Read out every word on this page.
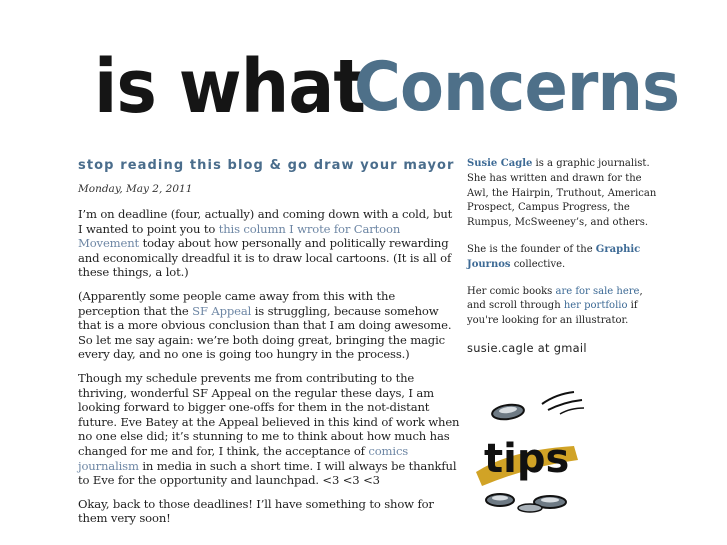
is what
Concerns
stop reading this blog & go draw your mayor
Monday, May 2, 2011

I’m on deadline (four, actually) and coming down with a cold, but I wanted to point you to this column I wrote for Cartoon Movement today about how personally and politically rewarding and economically dreadful it is to draw local cartoons. (It is all of these things, a lot.)

(Apparently some people came away from this with the perception that the SF Appeal is struggling, because somehow that is a more obvious conclusion than that I am doing awesome. So let me say again: we’re both doing great, bringing the magic every day, and no one is going too hungry in the process.)

Though my schedule prevents me from contributing to the thriving, wonderful SF Appeal on the regular these days, I am looking forward to bigger one-offs for them in the not-distant future. Eve Batey at the Appeal believed in this kind of work when no one else did; it’s stunning to me to think about how much has changed for me and for, I think, the acceptance of comics journalism in media in such a short time. I will always be thankful to Eve for the opportunity and launchpad. <3 <3 <3

Okay, back to those deadlines! I’ll have something to show for them very soon!

Susie Cagle is a graphic journalist. She has written and drawn for the Awl, the Hairpin, Truthout, American Prospect, Campus Progress, the Rumpus, McSweeney’s, and others.

She is the founder of the Graphic Journos collective.

Her comic books are for sale here, and scroll through her portfolio if you're looking for an illustrator.

susie.cagle at gmail
tips
